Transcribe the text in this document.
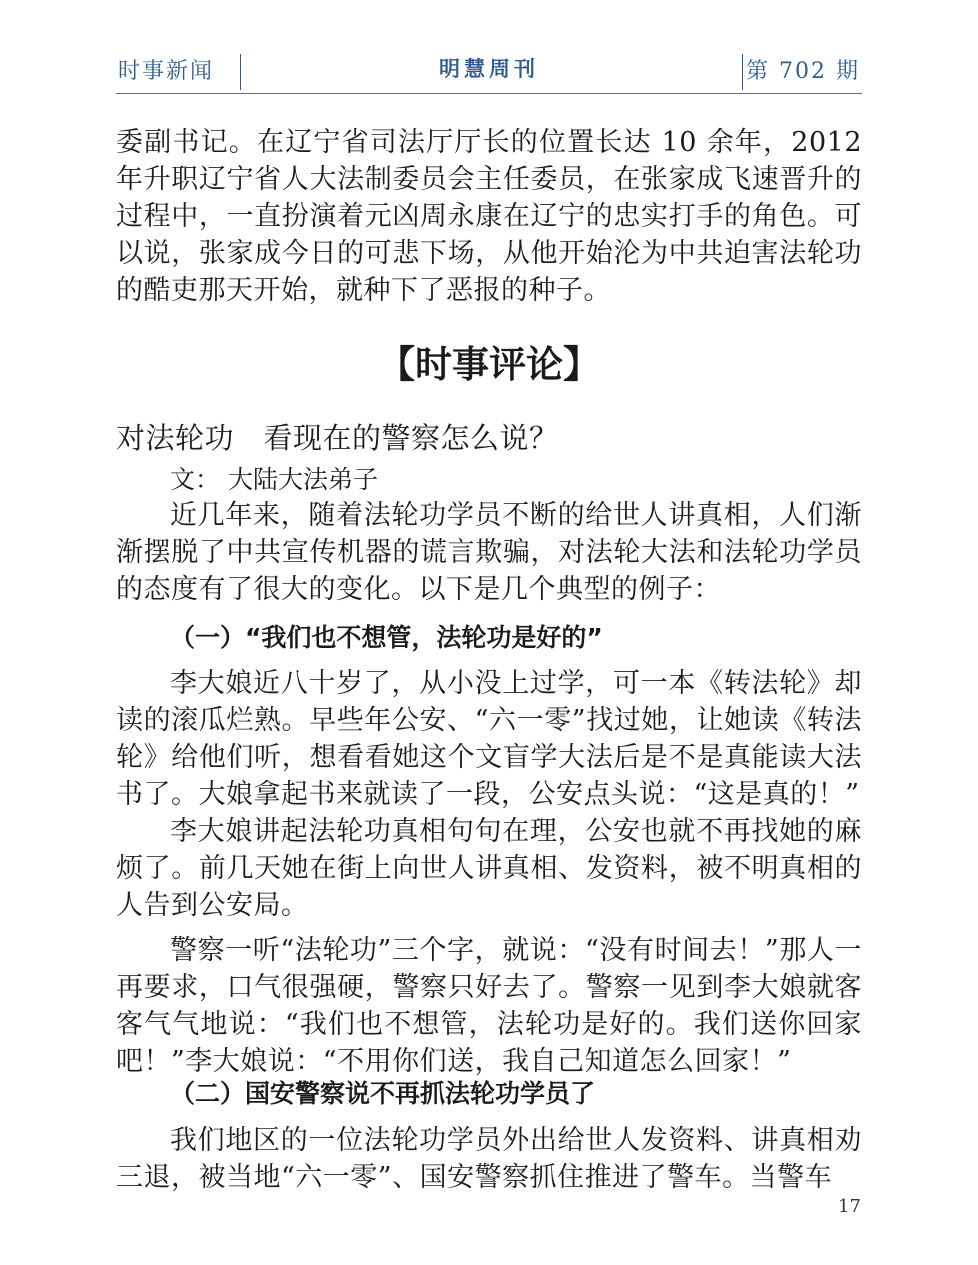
时事新闻	明慧周刊	第 702 期

委副书记。在辽宁省司法厅厅长的位置长达 10 余年，2012 年升职辽宁省人大法制委员会主任委员，在张家成飞速晋升的过程中，一直扮演着元凶周永康在辽宁的忠实打手的角色。可以说，张家成今日的可悲下场，从他开始沦为中共迫害法轮功的酷吏那天开始，就种下了恶报的种子。

【时事评论】
对法轮功　看现在的警察怎么说？
文： 大陆大法弟子

近几年来，随着法轮功学员不断的给世人讲真相，人们渐渐摆脱了中共宣传机器的谎言欺骗，对法轮大法和法轮功学员的态度有了很大的变化。以下是几个典型的例子：

（一）“我们也不想管，法轮功是好的”

李大娘近八十岁了，从小没上过学，可一本《转法轮》却读的滚瓜烂熟。早些年公安、“六一零”找过她，让她读《转法轮》给他们听，想看看她这个文盲学大法后是不是真能读大法书了。大娘拿起书来就读了一段，公安点头说：“这是真的！”

李大娘讲起法轮功真相句句在理，公安也就不再找她的麻烦了。前几天她在街上向世人讲真相、发资料，被不明真相的人告到公安局。

警察一听“法轮功”三个字，就说：“没有时间去！”那人一再要求，口气很强硬，警察只好去了。警察一见到李大娘就客客气气地说：“我们也不想管，法轮功是好的。我们送你回家吧！”李大娘说：“不用你们送，我自己知道怎么回家！”

（二）国安警察说不再抓法轮功学员了

我们地区的一位法轮功学员外出给世人发资料、讲真相劝三退，被当地“六一零”、国安警察抓住推进了警车。当警车

17
